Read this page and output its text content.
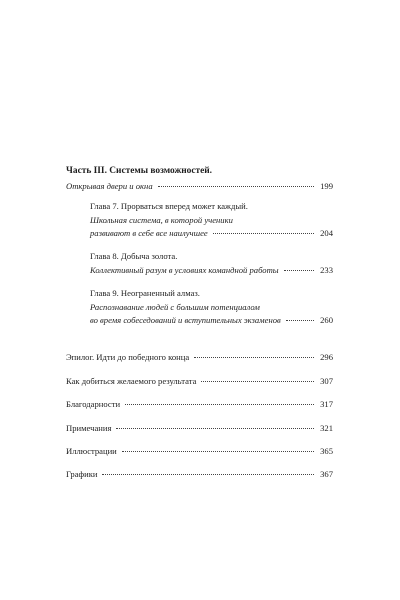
Часть III. Системы возможностей.
Открывая двери и окна	199
Глава 7. Прорваться вперед может каждый.
Школьная система, в которой ученики
развивают в себе все наилучшее	204
Глава 8. Добыча золота.
Коллективный разум в условиях командной работы	233
Глава 9. Неограненный алмаз.
Распознавание людей с большим потенциалом
во время собеседований и вступительных экзаменов	260
Эпилог. Идти до победного конца	296
Как добиться желаемого результата	307
Благодарности	317
Примечания	321
Иллюстрации	365
Графики	367
